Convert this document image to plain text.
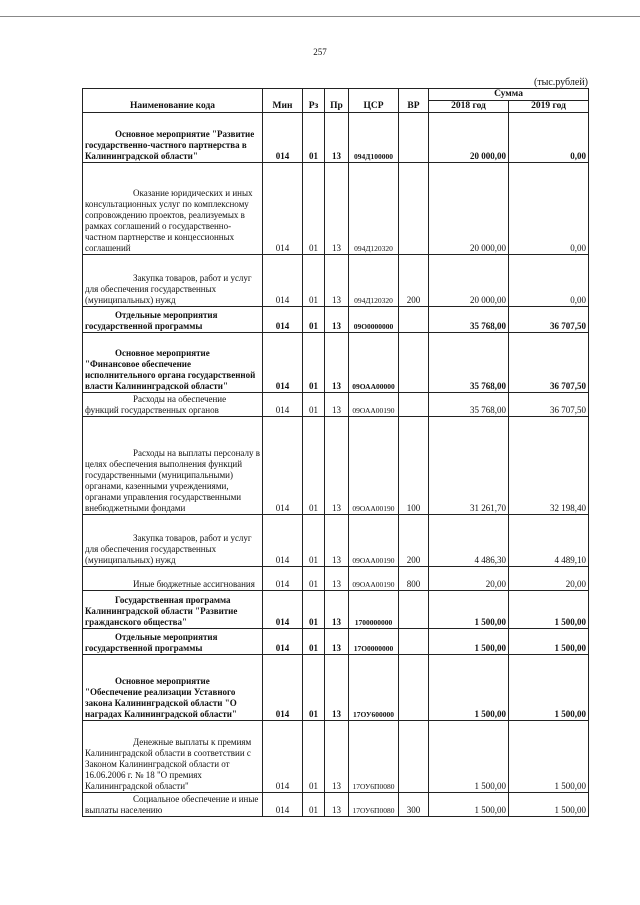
257
(тыс.рублей)
Наименование кода	Мин	Рз	Пр	ЦСР	ВР	Сумма	
						2018 год	2019 год

Основное мероприятие "Развитие государственно-частного партнерства в Калининградской области"	014	01	13	094Д100000		20 000,00	0,00

Оказание юридических и иных консультационных услуг по комплексному сопровождению проектов, реализуемых в рамках соглашений о государственно-частном партнерстве и концессионных соглашений	014	01	13	094Д120320		20 000,00	0,00

Закупка товаров, работ и услуг для обеспечения государственных (муниципальных) нужд	014	01	13	094Д120320	200	20 000,00	0,00

Отдельные мероприятия государственной программы	014	01	13	09О0000000		35 768,00	36 707,50

Основное мероприятие "Финансовое обеспечение исполнительного органа государственной власти Калининградской области"	014	01	13	09ОАА00000		35 768,00	36 707,50

Расходы на обеспечение функций государственных органов	014	01	13	09ОАА00190		35 768,00	36 707,50

Расходы на выплаты персоналу в целях обеспечения выполнения функций государственными (муниципальными) органами, казенными учреждениями, органами управления государственными внебюджетными фондами	014	01	13	09ОАА00190	100	31 261,70	32 198,40

Закупка товаров, работ и услуг для обеспечения государственных (муниципальных) нужд	014	01	13	09ОАА00190	200	4 486,30	4 489,10

Иные бюджетные ассигнования	014	01	13	09ОАА00190	800	20,00	20,00

Государственная программа Калининградской области "Развитие гражданского общества"	014	01	13	1700000000		1 500,00	1 500,00

Отдельные мероприятия государственной программы	014	01	13	17О0000000		1 500,00	1 500,00

Основное мероприятие "Обеспечение реализации Уставного закона Калининградской области "О наградах Калининградской области"	014	01	13	17ОУ600000		1 500,00	1 500,00

Денежные выплаты к премиям Калининградской области в соответствии с Законом Калининградской области от 16.06.2006 г. № 18 "О премиях Калининградской области"	014	01	13	17ОУ6П0080		1 500,00	1 500,00

Социальное обеспечение и иные выплаты населению	014	01	13	17ОУ6П0080	300	1 500,00	1 500,00
